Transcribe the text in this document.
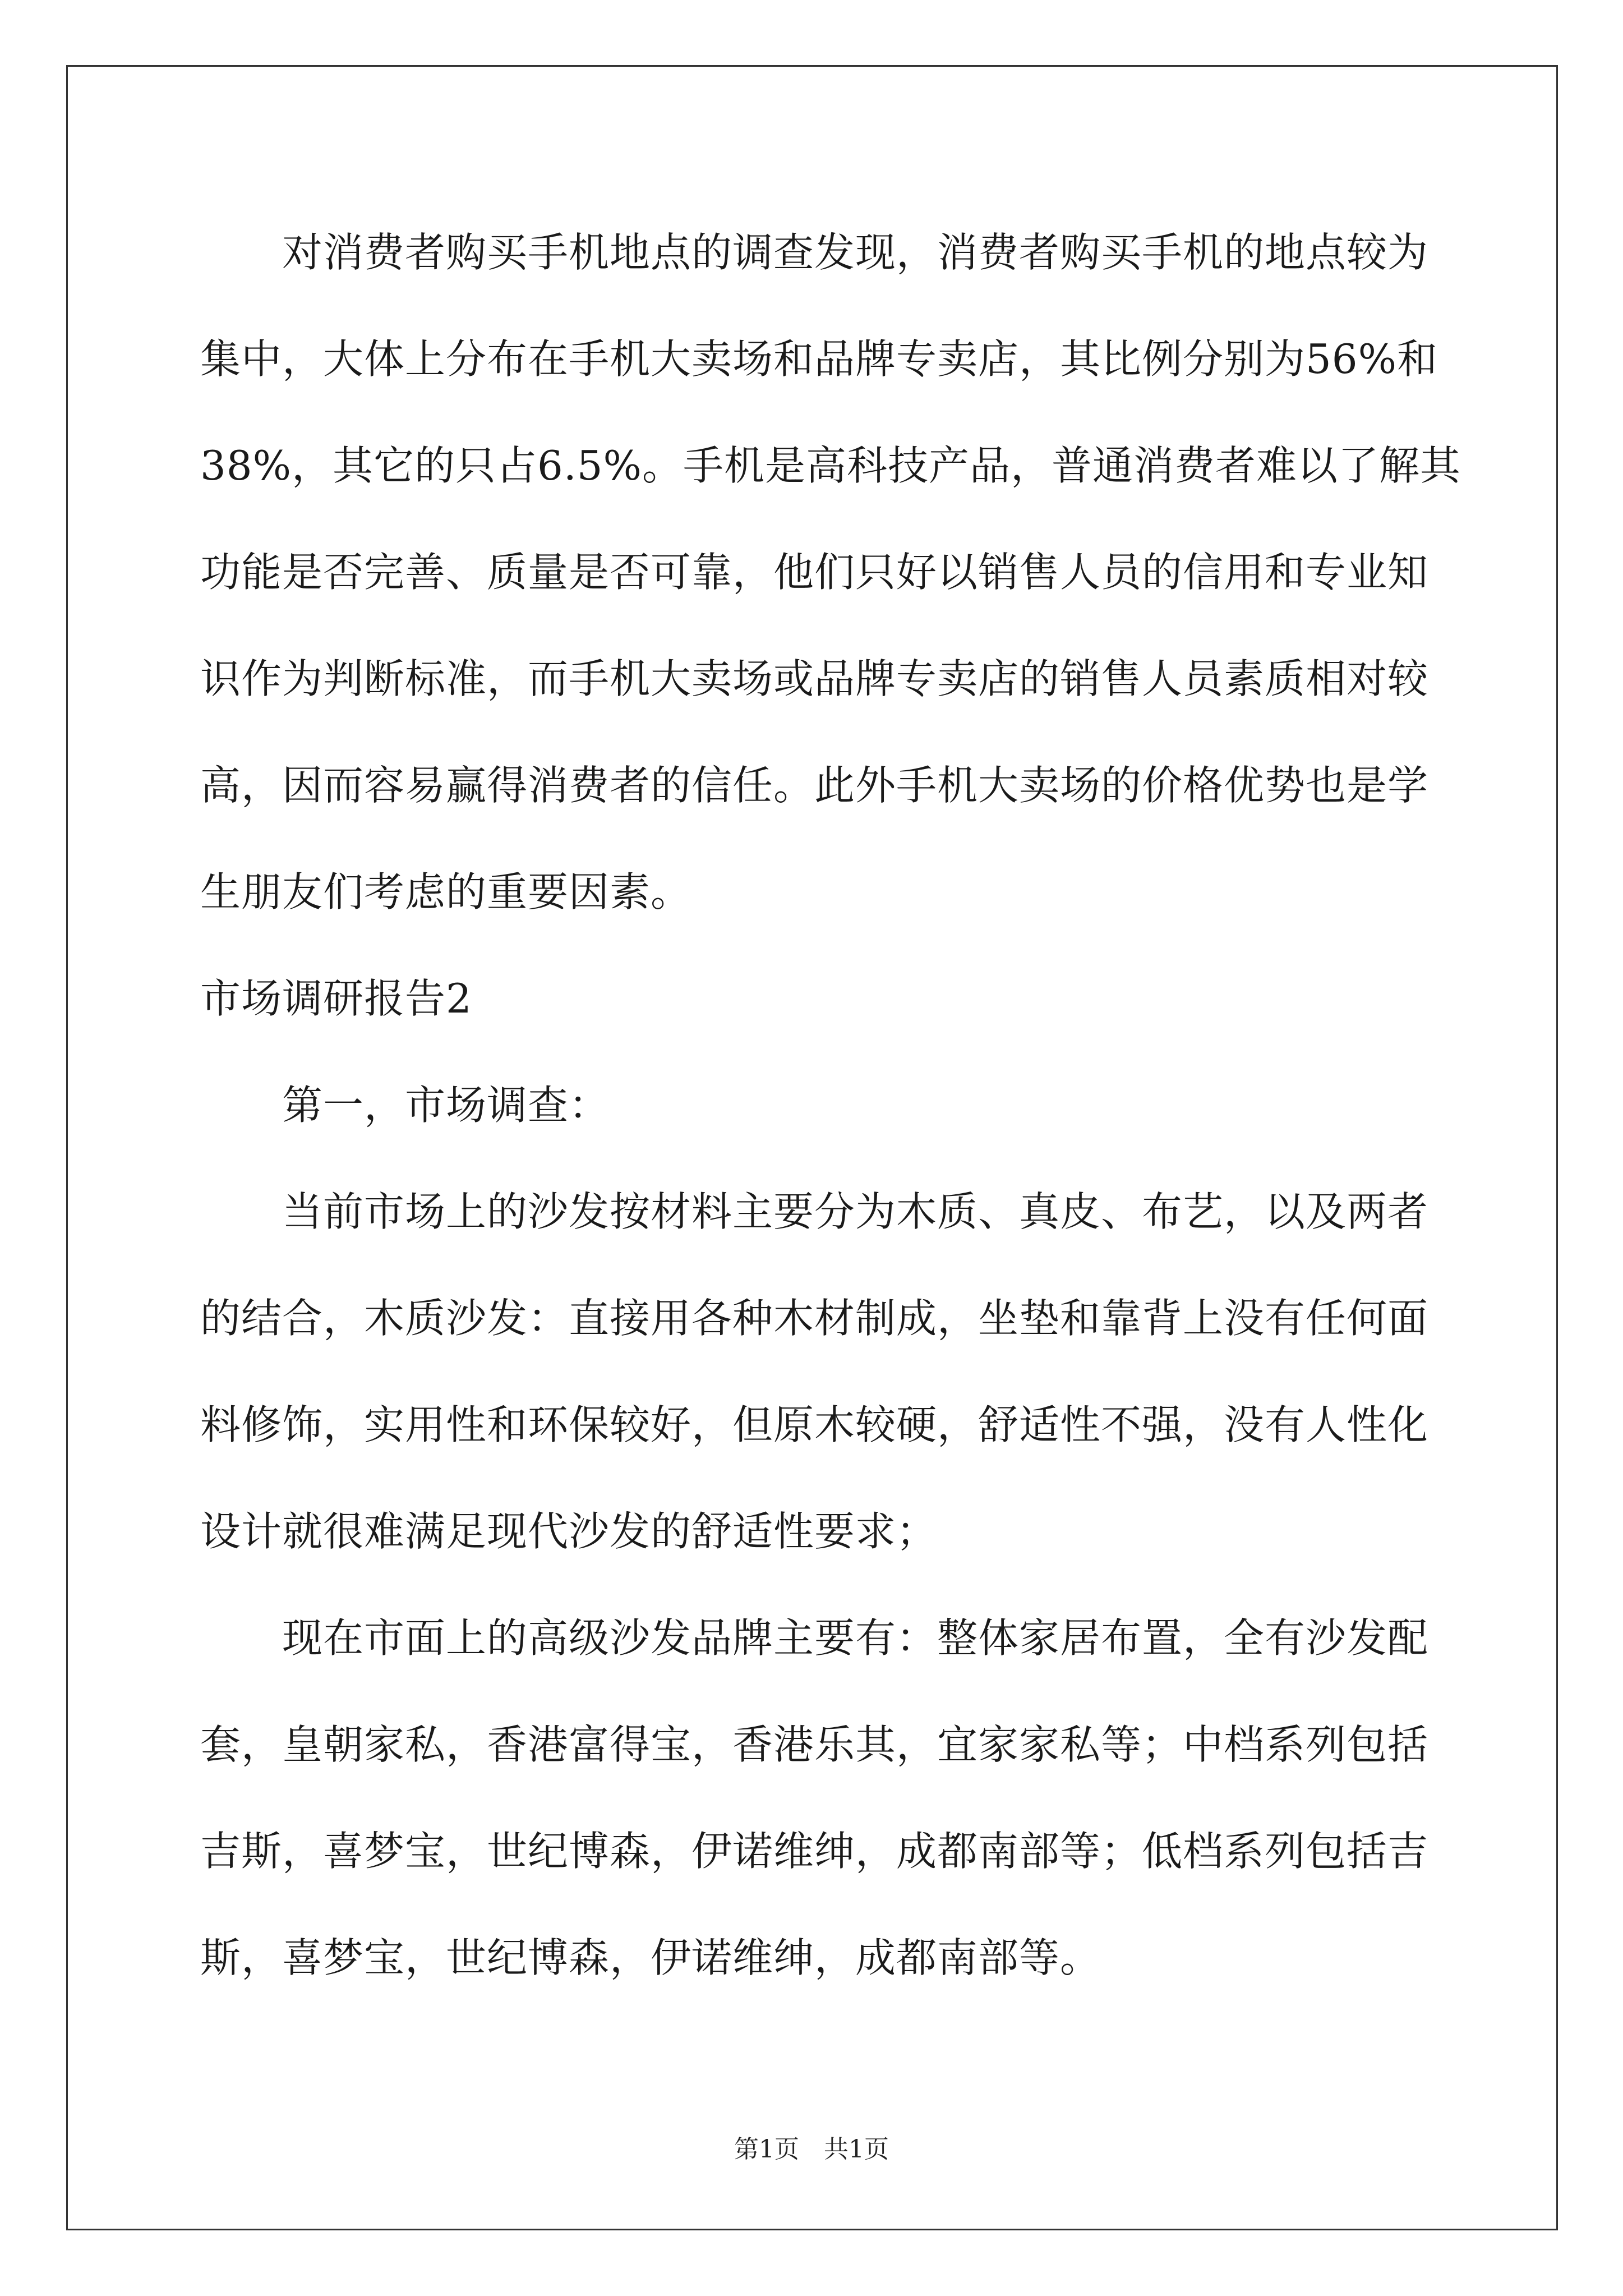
　　对消费者购买手机地点的调查发现，消费者购买手机的地点较为
集中，大体上分布在手机大卖场和品牌专卖店，其比例分别为56%和
38%，其它的只占6.5%。手机是高科技产品，普通消费者难以了解其
功能是否完善、质量是否可靠，他们只好以销售人员的信用和专业知
识作为判断标准，而手机大卖场或品牌专卖店的销售人员素质相对较
高，因而容易赢得消费者的信任。此外手机大卖场的价格优势也是学
生朋友们考虑的重要因素。
市场调研报告2
　　第一，市场调查：
　　当前市场上的沙发按材料主要分为木质、真皮、布艺，以及两者
的结合，木质沙发：直接用各种木材制成，坐垫和靠背上没有任何面
料修饰，实用性和环保较好，但原木较硬，舒适性不强，没有人性化
设计就很难满足现代沙发的舒适性要求；
　　现在市面上的高级沙发品牌主要有：整体家居布置，全有沙发配
套，皇朝家私，香港富得宝，香港乐其，宜家家私等；中档系列包括
吉斯，喜梦宝，世纪博森，伊诺维绅，成都南部等；低档系列包括吉
斯，喜梦宝，世纪博森，伊诺维绅，成都南部等。
第1页　共1页
